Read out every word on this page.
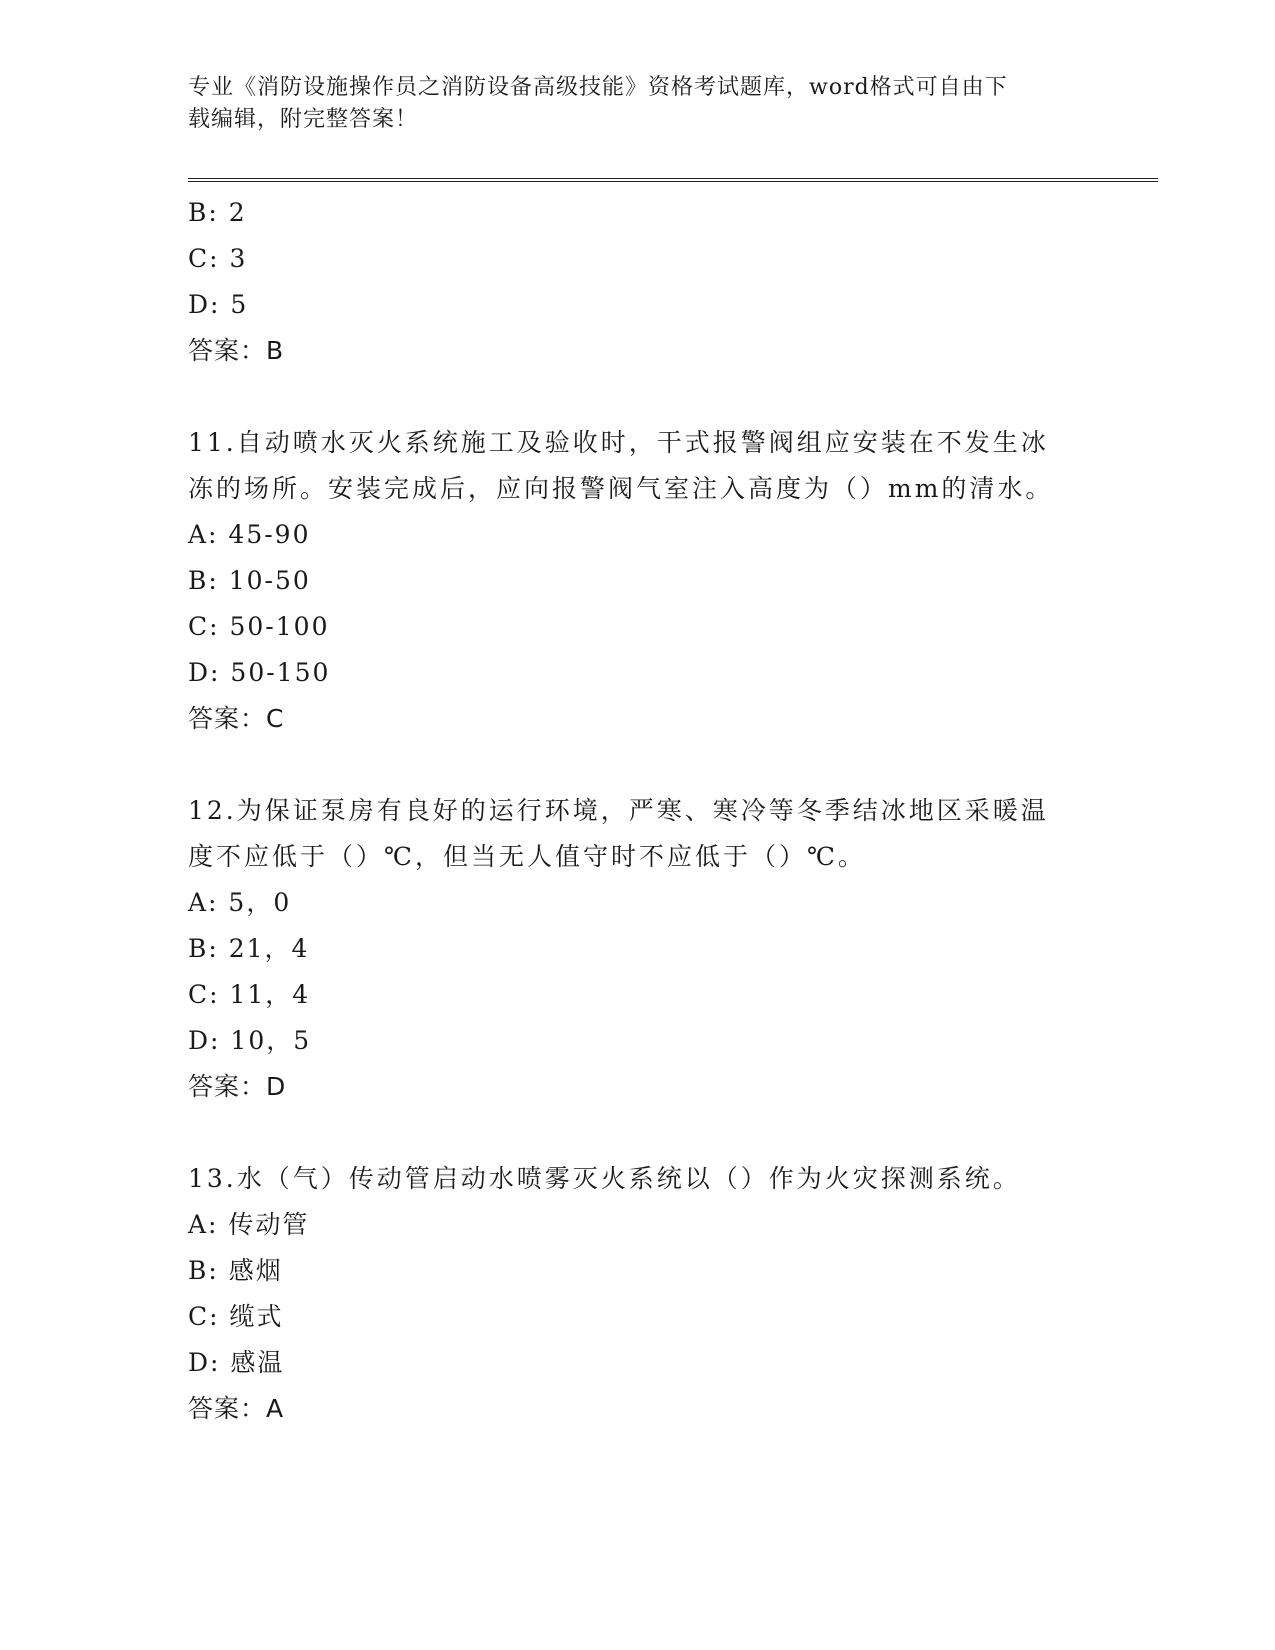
专业《消防设施操作员之消防设备高级技能》资格考试题库，word格式可自由下
载编辑，附完整答案！
B: 2
C: 3
D: 5
答案：B
11.自动喷水灭火系统施工及验收时，干式报警阀组应安装在不发生冰
冻的场所。安装完成后，应向报警阀气室注入高度为（）mm的清水。
A: 45-90
B: 10-50
C: 50-100
D: 50-150
答案：C
12.为保证泵房有良好的运行环境，严寒、寒冷等冬季结冰地区采暖温
度不应低于（）℃，但当无人值守时不应低于（）℃。
A: 5，0
B: 21，4
C: 11，4
D: 10，5
答案：D
13.水（气）传动管启动水喷雾灭火系统以（）作为火灾探测系统。
A: 传动管
B: 感烟
C: 缆式
D: 感温
答案：A
